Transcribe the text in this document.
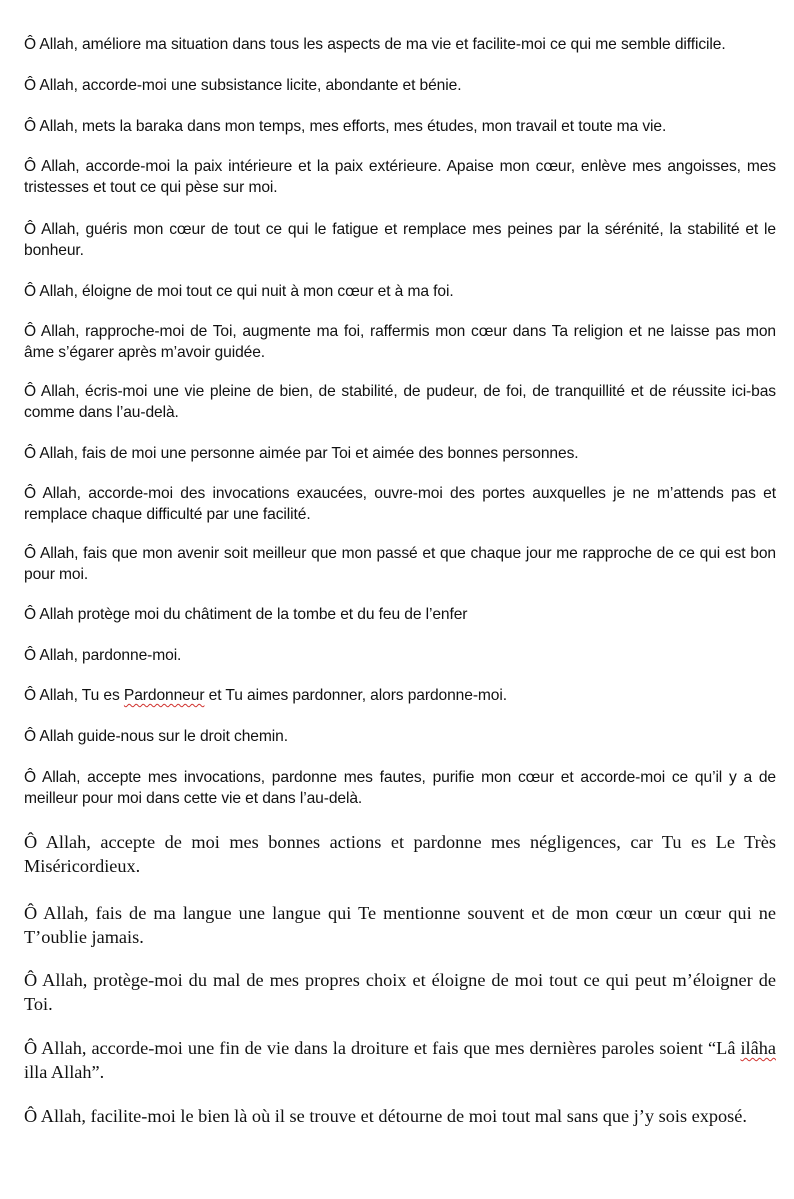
Ô Allah, améliore ma situation dans tous les aspects de ma vie et facilite-moi ce qui me semble difficile.

Ô Allah, accorde-moi une subsistance licite, abondante et bénie.

Ô Allah, mets la baraka dans mon temps, mes efforts, mes études, mon travail et toute ma vie.

Ô Allah, accorde-moi la paix intérieure et la paix extérieure. Apaise mon cœur, enlève mes angoisses, mes tristesses et tout ce qui pèse sur moi.

Ô Allah, guéris mon cœur de tout ce qui le fatigue et remplace mes peines par la sérénité, la stabilité et le bonheur.

Ô Allah, éloigne de moi tout ce qui nuit à mon cœur et à ma foi.

Ô Allah, rapproche-moi de Toi, augmente ma foi, raffermis mon cœur dans Ta religion et ne laisse pas mon âme s’égarer après m’avoir guidée.

Ô Allah, écris-moi une vie pleine de bien, de stabilité, de pudeur, de foi, de tranquillité et de réussite ici-bas comme dans l’au-delà.

Ô Allah, fais de moi une personne aimée par Toi et aimée des bonnes personnes.

Ô Allah, accorde-moi des invocations exaucées, ouvre-moi des portes auxquelles je ne m’attends pas et remplace chaque difficulté par une facilité.

Ô Allah, fais que mon avenir soit meilleur que mon passé et que chaque jour me rapproche de ce qui est bon pour moi.

Ô Allah protège moi du châtiment de la tombe et du feu de l’enfer

Ô Allah, pardonne-moi.

Ô Allah, Tu es Pardonneur et Tu aimes pardonner, alors pardonne-moi.

Ô Allah guide-nous sur le droit chemin.

Ô Allah, accepte mes invocations, pardonne mes fautes, purifie mon cœur et accorde-moi ce qu’il y a de meilleur pour moi dans cette vie et dans l’au-delà.

Ô Allah, accepte de moi mes bonnes actions et pardonne mes négligences, car Tu es Le Très Miséricordieux.

Ô Allah, fais de ma langue une langue qui Te mentionne souvent et de mon cœur un cœur qui ne T’oublie jamais.

Ô Allah, protège-moi du mal de mes propres choix et éloigne de moi tout ce qui peut m’éloigner de Toi.

Ô Allah, accorde-moi une fin de vie dans la droiture et fais que mes dernières paroles soient “Lâ ilâha illa Allah”.

Ô Allah, facilite-moi le bien là où il se trouve et détourne de moi tout mal sans que j’y sois exposé.
